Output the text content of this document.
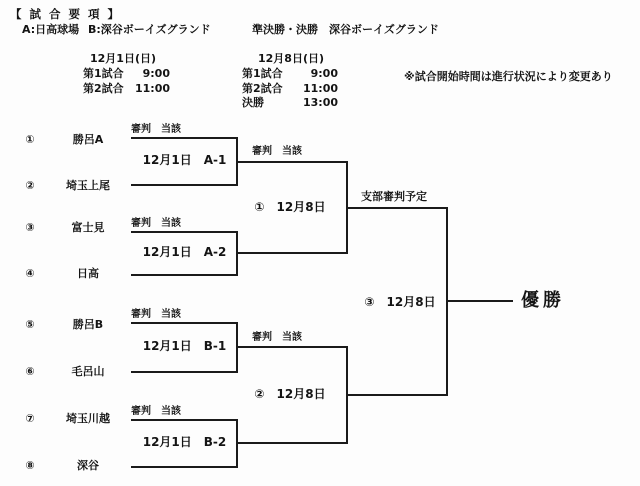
【 試 合 要 項 】
A:日高球場 B:深谷ボーイズグランド	準決勝・決勝　深谷ボーイズグランド
12月1日(日)
第1試合 9:00
第2試合 11:00
12月8日(日)
第1試合	9:00
第2試合 11:00
決勝	13:00
※試合開始時間は進行状況により変更あり
①	勝呂A
②	埼玉上尾
③	富士見
④	日高
⑤	勝呂B
⑥	毛呂山
⑦	埼玉川越
⑧	深谷
審判　当該
12月1日　A-1
審判　当該
12月1日　A-2
審判　当該
12月1日　B-1
審判　当該
12月1日　B-2
審判　当該
①　12月8日
審判　当該
②　12月8日
支部審判予定
③　12月8日	優勝
